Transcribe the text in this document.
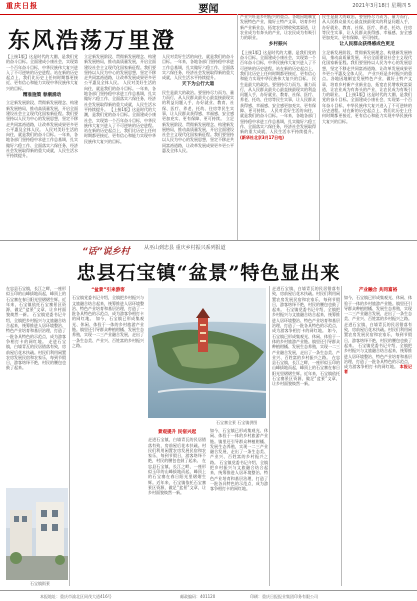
重庆日报	要闻	2021年3月18日 星期四 5
东风浩荡万里澄
【上接1版】这是时代的大潮，是我们党的奋斗目标。全面建成小康社会，实现第一个百年奋斗目标，中华民族伟大复兴进入了不可逆转的历史进程。站在新的历史起点上，我们比历史上任何时期都更接近、更有信心和能力实现中华民族伟大复兴的目标。
精准施策 春潮涌动
立足新发展阶段、贯彻新发展理念、构建新发展格局，推动高质量发展，开启全面建设社会主义现代化国家新征程。我们要坚持以人民为中心的发展思想，坚定不移走共同富裕道路，让改革发展成果更多更公平惠及全体人民。 人民对美好生活的向往，就是我们的奋斗目标。一年来，各地各部门坚持稳中求进工作总基调，扎实做好六稳工作、全面落实六保任务，经济社会发展取得新的重大成就，人民生活水平持续提升。
立足新发展阶段、贯彻新发展理念、构建新发展格局，推动高质量发展，开启全面建设社会主义现代化国家新征程。我们要坚持以人民为中心的发展思想，坚定不移走共同富裕道路，让改革发展成果更多更公平惠及全体人民。 人民对美好生活的向往，就是我们的奋斗目标。一年来，各地各部门坚持稳中求进工作总基调，扎实做好六稳工作、全面落实六保任务，经济社会发展取得新的重大成就，人民生活水平持续提升。 【上接1版】这是时代的大潮，是我们党的奋斗目标。全面建成小康社会，实现第一个百年奋斗目标，中华民族伟大复兴进入了不可逆转的历史进程。站在新的历史起点上，我们比历史上任何时期都更接近、更有信心和能力实现中华民族伟大复兴的目标。
人民对美好生活的向往，就是我们的奋斗目标。一年来，各地各部门坚持稳中求进工作总基调，扎实做好六稳工作、全面落实六保任务，经济社会发展取得新的重大成就，人民生活水平持续提升。
天下为公行大道
民生是最大的政治。要坚持尽力而为、量力而行，从人民群众最关心最直接最现实的利益问题入手，办好就业、教育、社保、医疗、养老、托幼、住房等民生实事，让人民群众获得感、幸福感、安全感更加充实、更有保障、更可持续。 立足新发展阶段、贯彻新发展理念、构建新发展格局，推动高质量发展，开启全面建设社会主义现代化国家新征程。我们要坚持以人民为中心的发展思想，坚定不移走共同富裕道路，让改革发展成果更多更公平惠及全体人民。
产业兴旺是乡村振兴的重点。各地因地制宜发展特色产业，做好土特产文章，培育乡村新产业新业态，拓宽农民增收致富渠道，让农业成为有奔头的产业，让农民成为有吸引力的职业。
乡村振兴
【上接1版】这是时代的大潮，是我们党的奋斗目标。全面建成小康社会，实现第一个百年奋斗目标，中华民族伟大复兴进入了不可逆转的历史进程。站在新的历史起点上，我们比历史上任何时期都更接近、更有信心和能力实现中华民族伟大复兴的目标。 民生是最大的政治。要坚持尽力而为、量力而行，从人民群众最关心最直接最现实的利益问题入手，办好就业、教育、社保、医疗、养老、托幼、住房等民生实事，让人民群众获得感、幸福感、安全感更加充实、更有保障、更可持续。 人民对美好生活的向往，就是我们的奋斗目标。一年来，各地各部门坚持稳中求进工作总基调，扎实做好六稳工作、全面落实六保任务，经济社会发展取得新的重大成就，人民生活水平持续提升。 (新华社北京3月17日电)
民生是最大的政治。要坚持尽力而为、量力而行，从人民群众最关心最直接最现实的利益问题入手，办好就业、教育、社保、医疗、养老、托幼、住房等民生实事，让人民群众获得感、幸福感、安全感更加充实、更有保障、更可持续。
让人民群众获得感成色更足
立足新发展阶段、贯彻新发展理念、构建新发展格局，推动高质量发展，开启全面建设社会主义现代化国家新征程。我们要坚持以人民为中心的发展思想，坚定不移走共同富裕道路，让改革发展成果更多更公平惠及全体人民。 产业兴旺是乡村振兴的重点。各地因地制宜发展特色产业，做好土特产文章，培育乡村新产业新业态，拓宽农民增收致富渠道，让农业成为有奔头的产业，让农民成为有吸引力的职业。 【上接1版】这是时代的大潮，是我们党的奋斗目标。全面建成小康社会，实现第一个百年奋斗目标，中华民族伟大复兴进入了不可逆转的历史进程。站在新的历史起点上，我们比历史上任何时期都更接近、更有信心和能力实现中华民族伟大复兴的目标。
“话”说乡村	从巫山到忠县 重庆乡村振兴系列报道
忠县石宝镇“盆景”特色显出来
在忠县石宝镇，长江之畔，一座形似玉印的山峰拔地而起，峰顶上的石宝寨在春日阳光里熠熠生辉。近年来，石宝镇依托石宝寨景区资源，做足“盆景”文章，让乡村面貌焕然一新。 石宝镇党委书记介绍，全镇把乡村振兴与文旅融合结合起来，统筹推进人居环境整治、特色产业培育和基层治理，打造了一批各具特色的示范点，成为游客争相打卡的网红地。 走进石宝镇，白墙青瓦的民居错落有致，房前屋后花木扶疏。村民们利用闲置农房发展民宿和农家乐，每到节假日，游客络绎不绝，村民的腰包也鼓了起来。
石宝镇街景
“盆景”引来游客
石宝镇党委书记介绍，全镇把乡村振兴与文旅融合结合起来，统筹推进人居环境整治、特色产业培育和基层治理，打造了一批各具特色的示范点，成为游客争相打卡的网红地。 如今，石宝镇已形成集观光、休闲、体验于一体的乡村旅游产业链。镇里还引导群众种植柑橘、发展生态养殖，实现一二三产业融合发展，走出了一条生态美、产业兴、百姓富的乡村振兴之路。
石宝寨全景 石宝镇供图
景观提升 民宿兴起
走进石宝镇，白墙青瓦的民居错落有致，房前屋后花木扶疏。村民们利用闲置农房发展民宿和农家乐，每到节假日，游客络绎不绝，村民的腰包也鼓了起来。 在忠县石宝镇，长江之畔，一座形似玉印的山峰拔地而起，峰顶上的石宝寨在春日阳光里熠熠生辉。近年来，石宝镇依托石宝寨景区资源，做足“盆景”文章，让乡村面貌焕然一新。
如今，石宝镇已形成集观光、休闲、体验于一体的乡村旅游产业链。镇里还引导群众种植柑橘、发展生态养殖，实现一二三产业融合发展，走出了一条生态美、产业兴、百姓富的乡村振兴之路。 石宝镇党委书记介绍，全镇把乡村振兴与文旅融合结合起来，统筹推进人居环境整治、特色产业培育和基层治理，打造了一批各具特色的示范点，成为游客争相打卡的网红地。
走进石宝镇，白墙青瓦的民居错落有致，房前屋后花木扶疏。村民们利用闲置农房发展民宿和农家乐，每到节假日，游客络绎不绝，村民的腰包也鼓了起来。 石宝镇党委书记介绍，全镇把乡村振兴与文旅融合结合起来，统筹推进人居环境整治、特色产业培育和基层治理，打造了一批各具特色的示范点，成为游客争相打卡的网红地。 如今，石宝镇已形成集观光、休闲、体验于一体的乡村旅游产业链。镇里还引导群众种植柑橘、发展生态养殖，实现一二三产业融合发展，走出了一条生态美、产业兴、百姓富的乡村振兴之路。 在忠县石宝镇，长江之畔，一座形似玉印的山峰拔地而起，峰顶上的石宝寨在春日阳光里熠熠生辉。近年来，石宝镇依托石宝寨景区资源，做足“盆景”文章，让乡村面貌焕然一新。
产业融合 共同富裕
如今，石宝镇已形成集观光、休闲、体验于一体的乡村旅游产业链。镇里还引导群众种植柑橘、发展生态养殖，实现一二三产业融合发展，走出了一条生态美、产业兴、百姓富的乡村振兴之路。 走进石宝镇，白墙青瓦的民居错落有致，房前屋后花木扶疏。村民们利用闲置农房发展民宿和农家乐，每到节假日，游客络绎不绝，村民的腰包也鼓了起来。 石宝镇党委书记介绍，全镇把乡村振兴与文旅融合结合起来，统筹推进人居环境整治、特色产业培育和基层治理，打造了一批各具特色的示范点，成为游客争相打卡的网红地。 本报记者
本报地址：重庆市渝北区同茂大道416号	邮政编码：401120	印刷：重庆日报报业集团印务有限公司
